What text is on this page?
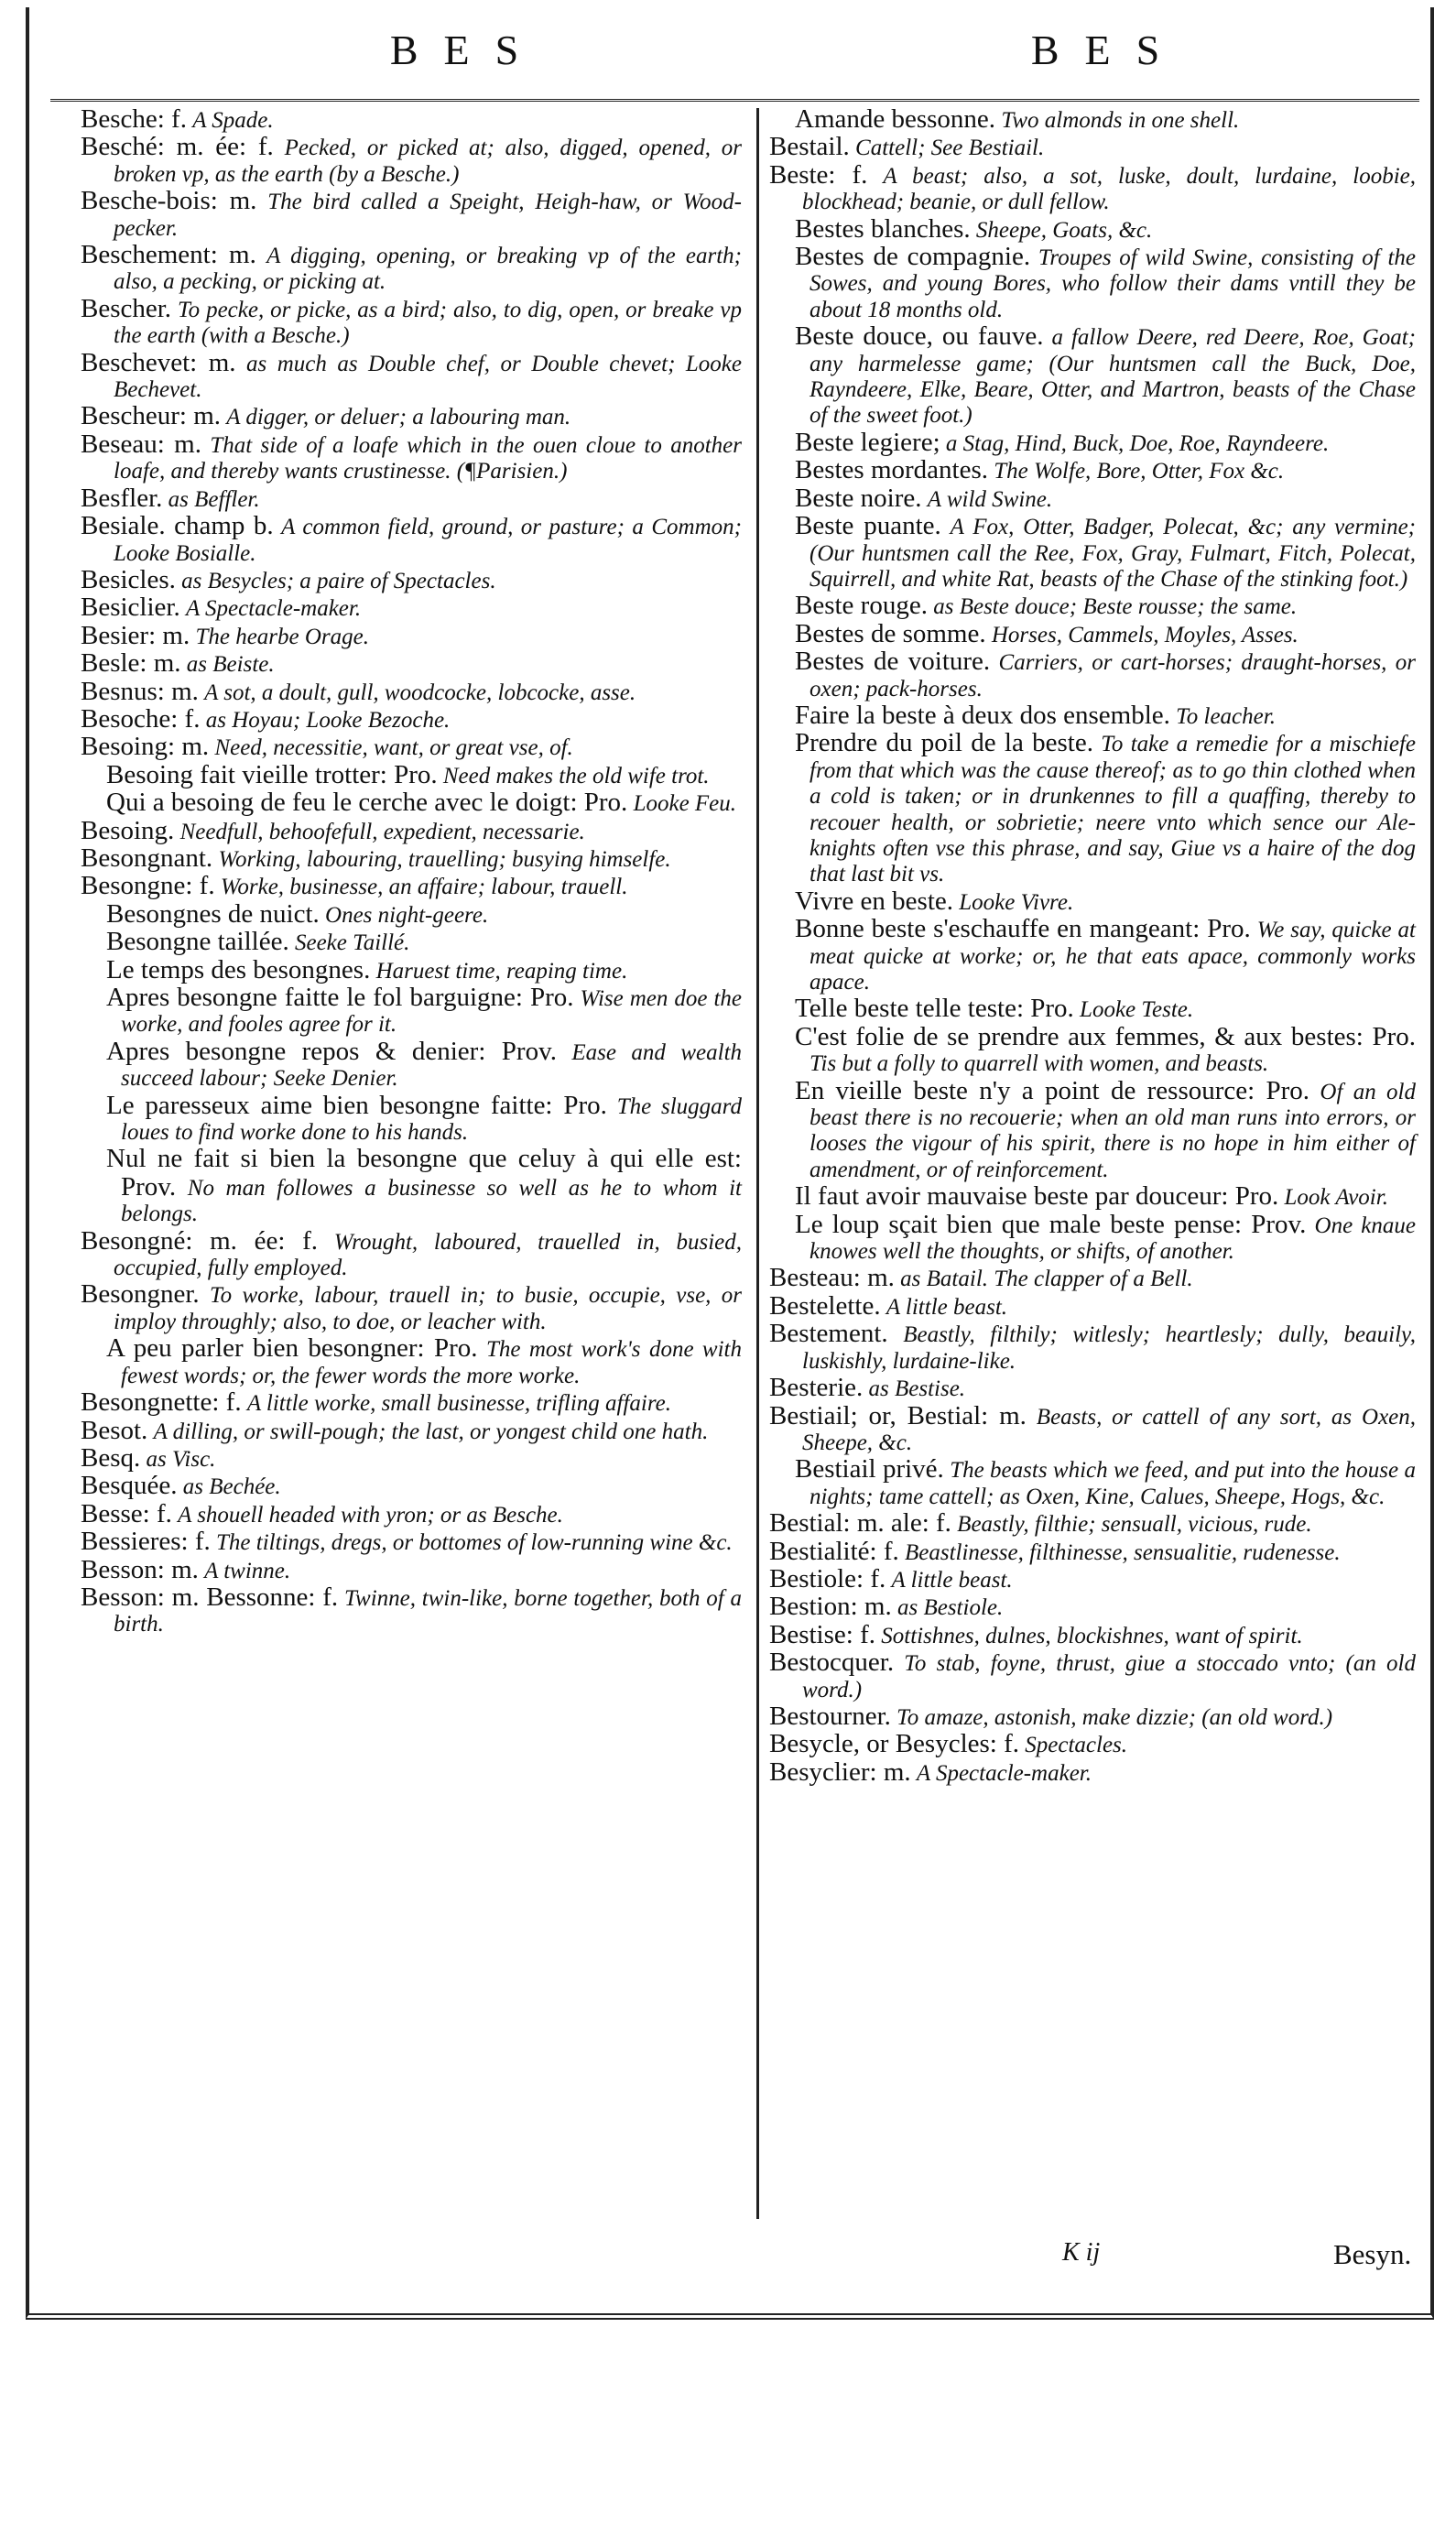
BES	BES

Besche: f. A Spade.

Besché: m. ée: f. Pecked, or picked at; also, digged, opened, or broken vp, as the earth (by a Besche.)

Besche-bois: m. The bird called a Speight, Heigh-haw, or Wood-pecker.

Beschement: m. A digging, opening, or breaking vp of the earth; also, a pecking, or picking at.

Bescher. To pecke, or picke, as a bird; also, to dig, open, or breake vp the earth (with a Besche.)

Beschevet: m. as much as Double chef, or Double chevet; Looke Bechevet.

Bescheur: m. A digger, or deluer; a labouring man.

Beseau: m. That side of a loafe which in the ouen cloue to another loafe, and thereby wants crustinesse. (¶Parisien.)

Besfler. as Beffler.

Besiale. champ b. A common field, ground, or pasture; a Common; Looke Bosialle.

Besicles. as Besycles; a paire of Spectacles.

Besiclier. A Spectacle-maker.

Besier: m. The hearbe Orage.

Besle: m. as Beiste.

Besnus: m. A sot, a doult, gull, woodcocke, lobcocke, asse.

Besoche: f. as Hoyau; Looke Bezoche.

Besoing: m. Need, necessitie, want, or great vse, of.

Besoing fait vieille trotter: Pro. Need makes the old wife trot.

Qui a besoing de feu le cerche avec le doigt: Pro. Looke Feu.

Besoing. Needfull, behoofefull, expedient, necessarie.

Besongnant. Working, labouring, trauelling; busying himselfe.

Besongne: f. Worke, businesse, an affaire; labour, trauell.

Besongnes de nuict. Ones night-geere.

Besongne taillée. Seeke Taillé.

Le temps des besongnes. Haruest time, reaping time.

Apres besongne faitte le fol barguigne: Pro. Wise men doe the worke, and fooles agree for it.

Apres besongne repos & denier: Prov. Ease and wealth succeed labour; Seeke Denier.

Le paresseux aime bien besongne faitte: Pro. The sluggard loues to find worke done to his hands.

Nul ne fait si bien la besongne que celuy à qui elle est: Prov. No man followes a businesse so well as he to whom it belongs.

Besongné: m. ée: f. Wrought, laboured, trauelled in, busied, occupied, fully employed.

Besongner. To worke, labour, trauell in; to busie, occupie, vse, or imploy throughly; also, to doe, or leacher with.

A peu parler bien besongner: Pro. The most work's done with fewest words; or, the fewer words the more worke.

Besongnette: f. A little worke, small businesse, trifling affaire.

Besot. A dilling, or swill-pough; the last, or yongest child one hath.

Besq. as Visc.

Besquée. as Bechée.

Besse: f. A shouell headed with yron; or as Besche.

Bessieres: f. The tiltings, dregs, or bottomes of low-running wine &c.

Besson: m. A twinne.

Besson: m. Bessonne: f. Twinne, twin-like, borne together, both of a birth.

Amande bessonne. Two almonds in one shell.

Bestail. Cattell; See Bestiail.

Beste: f. A beast; also, a sot, luske, doult, lurdaine, loobie, blockhead; beanie, or dull fellow.

Bestes blanches. Sheepe, Goats, &c.

Bestes de compagnie. Troupes of wild Swine, consisting of the Sowes, and young Bores, who follow their dams vntill they be about 18 months old.

Beste douce, ou fauve. a fallow Deere, red Deere, Roe, Goat; any harmelesse game; (Our huntsmen call the Buck, Doe, Rayndeere, Elke, Beare, Otter, and Martron, beasts of the Chase of the sweet foot.)

Beste legiere; a Stag, Hind, Buck, Doe, Roe, Rayndeere.

Bestes mordantes. The Wolfe, Bore, Otter, Fox &c.

Beste noire. A wild Swine.

Beste puante. A Fox, Otter, Badger, Polecat, &c; any vermine; (Our huntsmen call the Ree, Fox, Gray, Fulmart, Fitch, Polecat, Squirrell, and white Rat, beasts of the Chase of the stinking foot.)

Beste rouge. as Beste douce; Beste rousse; the same.

Bestes de somme. Horses, Cammels, Moyles, Asses.

Bestes de voiture. Carriers, or cart-horses; draught-horses, or oxen; pack-horses.

Faire la beste à deux dos ensemble. To leacher.

Prendre du poil de la beste. To take a remedie for a mischiefe from that which was the cause thereof; as to go thin clothed when a cold is taken; or in drunkennes to fill a quaffing, thereby to recouer health, or sobrietie; neere vnto which sence our Ale-knights often vse this phrase, and say, Giue vs a haire of the dog that last bit vs.

Vivre en beste. Looke Vivre.

Bonne beste s'eschauffe en mangeant: Pro. We say, quicke at meat quicke at worke; or, he that eats apace, commonly works apace.

Telle beste telle teste: Pro. Looke Teste.

C'est folie de se prendre aux femmes, & aux bestes: Pro. Tis but a folly to quarrell with women, and beasts.

En vieille beste n'y a point de ressource: Pro. Of an old beast there is no recouerie; when an old man runs into errors, or looses the vigour of his spirit, there is no hope in him either of amendment, or of reinforcement.

Il faut avoir mauvaise beste par douceur: Pro. Look Avoir.

Le loup sçait bien que male beste pense: Prov. One knaue knowes well the thoughts, or shifts, of another.

Besteau: m. as Batail. The clapper of a Bell.

Bestelette. A little beast.

Bestement. Beastly, filthily; witlesly; heartlesly; dully, beauily, luskishly, lurdaine-like.

Besterie. as Bestise.

Bestiail; or, Bestial: m. Beasts, or cattell of any sort, as Oxen, Sheepe, &c.

Bestiail privé. The beasts which we feed, and put into the house a nights; tame cattell; as Oxen, Kine, Calues, Sheepe, Hogs, &c.

Bestial: m. ale: f. Beastly, filthie; sensuall, vicious, rude.

Bestialité: f. Beastlinesse, filthinesse, sensualitie, rudenesse.

Bestiole: f. A little beast.

Bestion: m. as Bestiole.

Bestise: f. Sottishnes, dulnes, blockishnes, want of spirit.

Bestocquer. To stab, foyne, thrust, giue a stoccado vnto; (an old word.)

Bestourner. To amaze, astonish, make dizzie; (an old word.)

Besycle, or Besycles: f. Spectacles.

Besyclier: m. A Spectacle-maker.

K ij	Besyn.
